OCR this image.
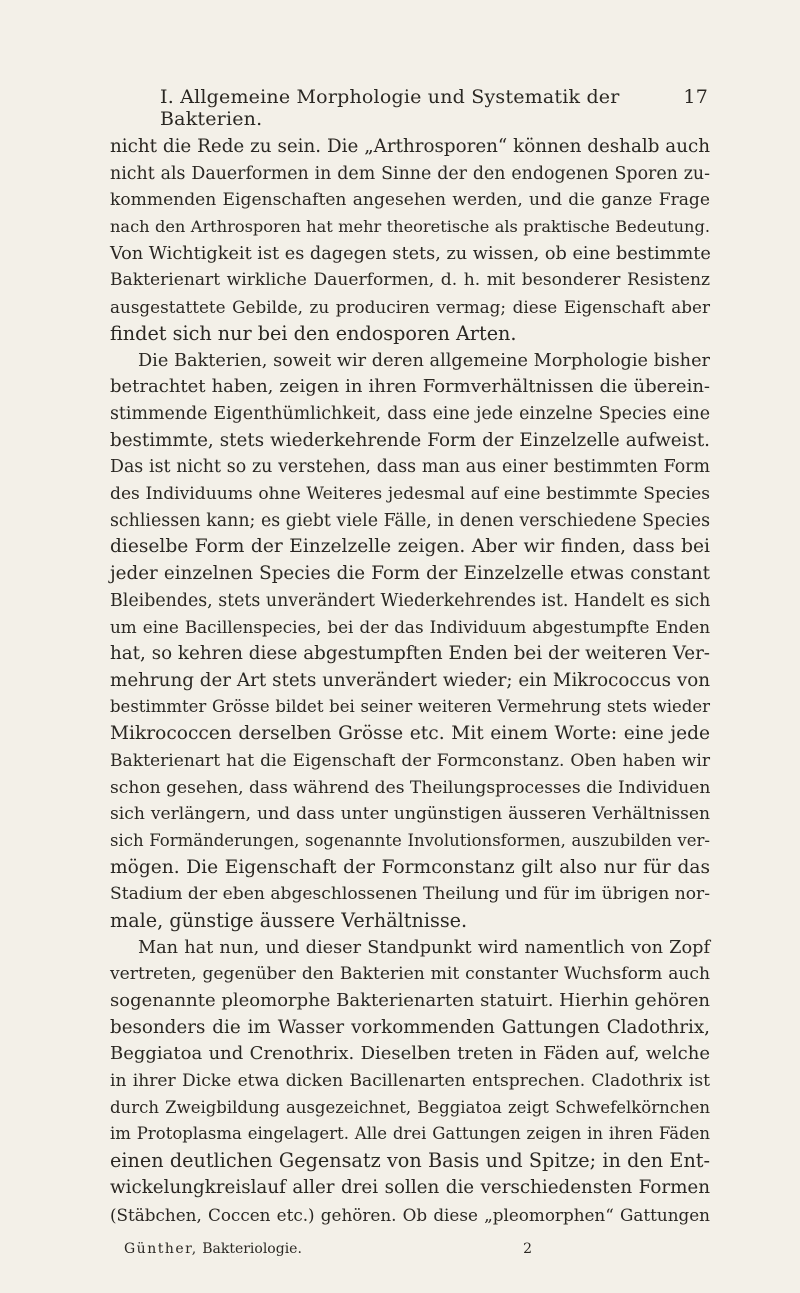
I. Allgemeine Morphologie und Systematik der Bakterien.
17
nicht die Rede zu sein. Die „Arthrosporen“ können deshalb auch
nicht als Dauerformen in dem Sinne der den endogenen Sporen zu-
kommenden Eigenschaften angesehen werden, und die ganze Frage
nach den Arthrosporen hat mehr theoretische als praktische Bedeutung.
Von Wichtigkeit ist es dagegen stets, zu wissen, ob eine bestimmte
Bakterienart wirkliche Dauerformen, d. h. mit besonderer Resistenz
ausgestattete Gebilde, zu produciren vermag; diese Eigenschaft aber
findet sich nur bei den endosporen Arten.
Die Bakterien, soweit wir deren allgemeine Morphologie bisher
betrachtet haben, zeigen in ihren Formverhältnissen die überein-
stimmende Eigenthümlichkeit, dass eine jede einzelne Species eine
bestimmte, stets wiederkehrende Form der Einzelzelle aufweist.
Das ist nicht so zu verstehen, dass man aus einer bestimmten Form
des Individuums ohne Weiteres jedesmal auf eine bestimmte Species
schliessen kann; es giebt viele Fälle, in denen verschiedene Species
dieselbe Form der Einzelzelle zeigen. Aber wir finden, dass bei
jeder einzelnen Species die Form der Einzelzelle etwas constant
Bleibendes, stets unverändert Wiederkehrendes ist. Handelt es sich
um eine Bacillenspecies, bei der das Individuum abgestumpfte Enden
hat, so kehren diese abgestumpften Enden bei der weiteren Ver-
mehrung der Art stets unverändert wieder; ein Mikrococcus von
bestimmter Grösse bildet bei seiner weiteren Vermehrung stets wieder
Mikrococcen derselben Grösse etc. Mit einem Worte: eine jede
Bakterienart hat die Eigenschaft der Formconstanz. Oben haben wir
schon gesehen, dass während des Theilungsprocesses die Individuen
sich verlängern, und dass unter ungünstigen äusseren Verhältnissen
sich Formänderungen, sogenannte Involutionsformen, auszubilden ver-
mögen. Die Eigenschaft der Formconstanz gilt also nur für das
Stadium der eben abgeschlossenen Theilung und für im übrigen nor-
male, günstige äussere Verhältnisse.
Man hat nun, und dieser Standpunkt wird namentlich von Zopf
vertreten, gegenüber den Bakterien mit constanter Wuchsform auch
sogenannte pleomorphe Bakterienarten statuirt. Hierhin gehören
besonders die im Wasser vorkommenden Gattungen Cladothrix,
Beggiatoa und Crenothrix. Dieselben treten in Fäden auf, welche
in ihrer Dicke etwa dicken Bacillenarten entsprechen. Cladothrix ist
durch Zweigbildung ausgezeichnet, Beggiatoa zeigt Schwefelkörnchen
im Protoplasma eingelagert. Alle drei Gattungen zeigen in ihren Fäden
einen deutlichen Gegensatz von Basis und Spitze; in den Ent-
wickelungkreislauf aller drei sollen die verschiedensten Formen
(Stäbchen, Coccen etc.) gehören. Ob diese „pleomorphen“ Gattungen
Günther, Bakteriologie.	2
